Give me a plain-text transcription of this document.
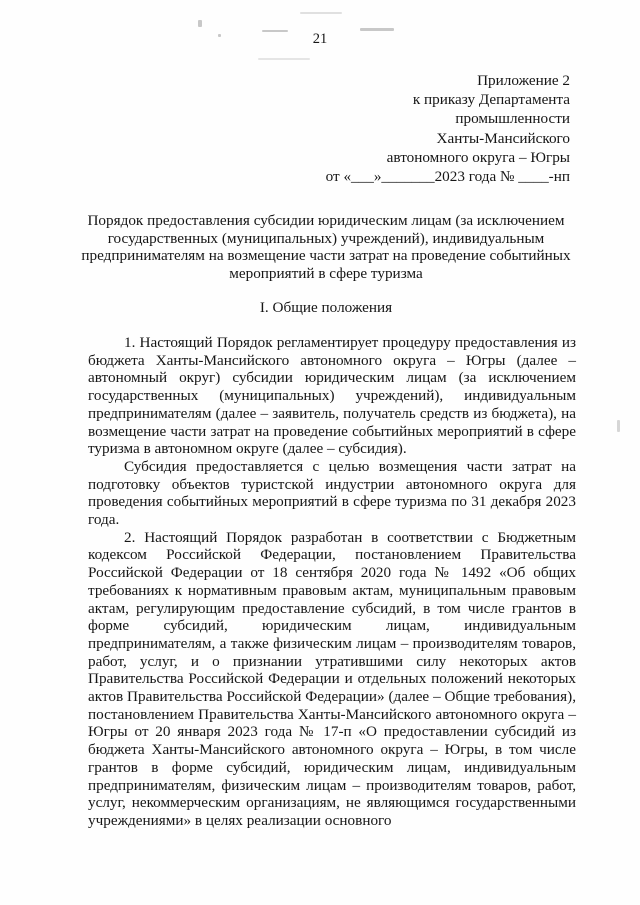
21
Приложение 2
к приказу Департамента
промышленности
Ханты-Мансийского
автономного округа – Югры
от «___»_______2023 года № ____-нп
Порядок предоставления субсидии юридическим лицам (за исключением государственных (муниципальных) учреждений), индивидуальным предпринимателям на возмещение части затрат на проведение событийных мероприятий в сфере туризма
I. Общие положения

1. Настоящий Порядок регламентирует процедуру предоставления из бюджета Ханты-Мансийского автономного округа – Югры (далее – автономный округ) субсидии юридическим лицам (за исключением государственных (муниципальных) учреждений), индивидуальным предпринимателям (далее – заявитель, получатель средств из бюджета), на возмещение части затрат на проведение событийных мероприятий в сфере туризма в автономном округе (далее – субсидия).

Субсидия предоставляется с целью возмещения части затрат на подготовку объектов туристской индустрии автономного округа для проведения событийных мероприятий в сфере туризма по 31 декабря 2023 года.

2. Настоящий Порядок разработан в соответствии с Бюджетным кодексом Российской Федерации, постановлением Правительства Российской Федерации от 18 сентября 2020 года № 1492 «Об общих требованиях к нормативным правовым актам, муниципальным правовым актам, регулирующим предоставление субсидий, в том числе грантов в форме субсидий, юридическим лицам, индивидуальным предпринимателям, а также физическим лицам – производителям товаров, работ, услуг, и о признании утратившими силу некоторых актов Правительства Российской Федерации и отдельных положений некоторых актов Правительства Российской Федерации» (далее – Общие требования), постановлением Правительства Ханты-Мансийского автономного округа – Югры от 20 января 2023 года № 17-п «О предоставлении субсидий из бюджета Ханты-Мансийского автономного округа – Югры, в том числе грантов в форме субсидий, юридическим лицам, индивидуальным предпринимателям, физическим лицам – производителям товаров, работ, услуг, некоммерческим организациям, не являющимся государственными учреждениями» в целях реализации основного
